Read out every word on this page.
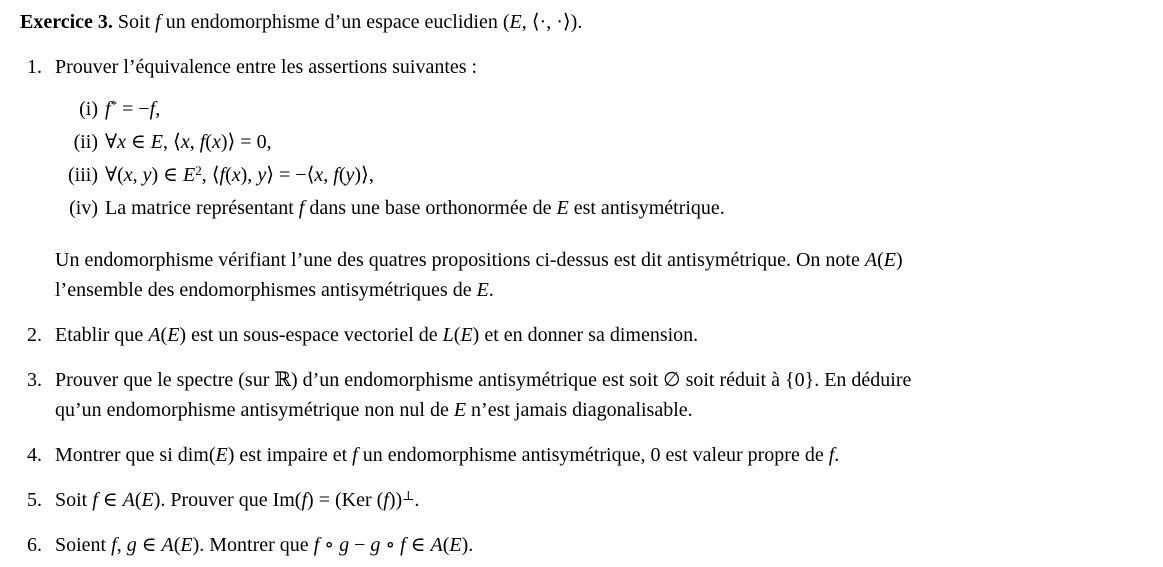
Exercice 3. Soit f un endomorphisme d’un espace euclidien (E, ⟨·, ·⟩).
1. Prouver l’équivalence entre les assertions suivantes :
(i) f* = −f,
(ii) ∀x ∈ E, ⟨x, f(x)⟩ = 0,
(iii) ∀(x, y) ∈ $E^2$, ⟨f(x), y⟩ = −⟨x, f(y)⟩,
(iv) La matrice représentant f dans une base orthonormée de E est antisymétrique.
Un endomorphisme vérifiant l’une des quatres propositions ci-dessus est dit antisymétrique. On note A(E)
l’ensemble des endomorphismes antisymétriques de E.
2. Etablir que A(E) est un sous-espace vectoriel de L(E) et en donner sa dimension.
3. Prouver que le spectre (sur ℝ) d’un endomorphisme antisymétrique est soit ∅ soit réduit à {0}. En déduire
qu’un endomorphisme antisymétrique non nul de E n’est jamais diagonalisable.
4. Montrer que si dim(E) est impaire et f un endomorphisme antisymétrique, 0 est valeur propre de f.
5. Soit f ∈ A(E). Prouver que Im(f) = (Ker (f))⊥.
6. Soient f, g ∈ A(E). Montrer que f ∘ g − g ∘ f ∈ A(E).
